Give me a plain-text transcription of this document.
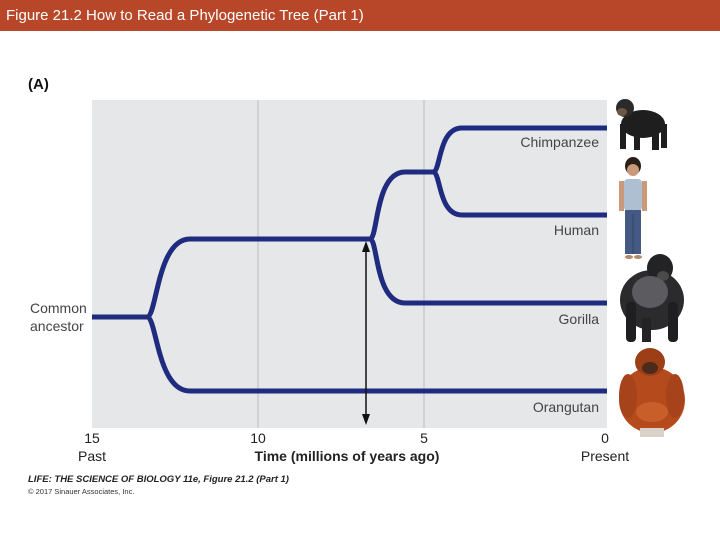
Figure 21.2 How to Read a Phylogenetic Tree (Part 1)
(A)
Chimpanzee
Human
Gorilla
Orangutan
Common
ancestor
15	10	5	0
Past	Present
Time (millions of years ago)
LIFE: THE SCIENCE OF BIOLOGY 11e, Figure 21.2 (Part 1)
© 2017 Sinauer Associates, Inc.
